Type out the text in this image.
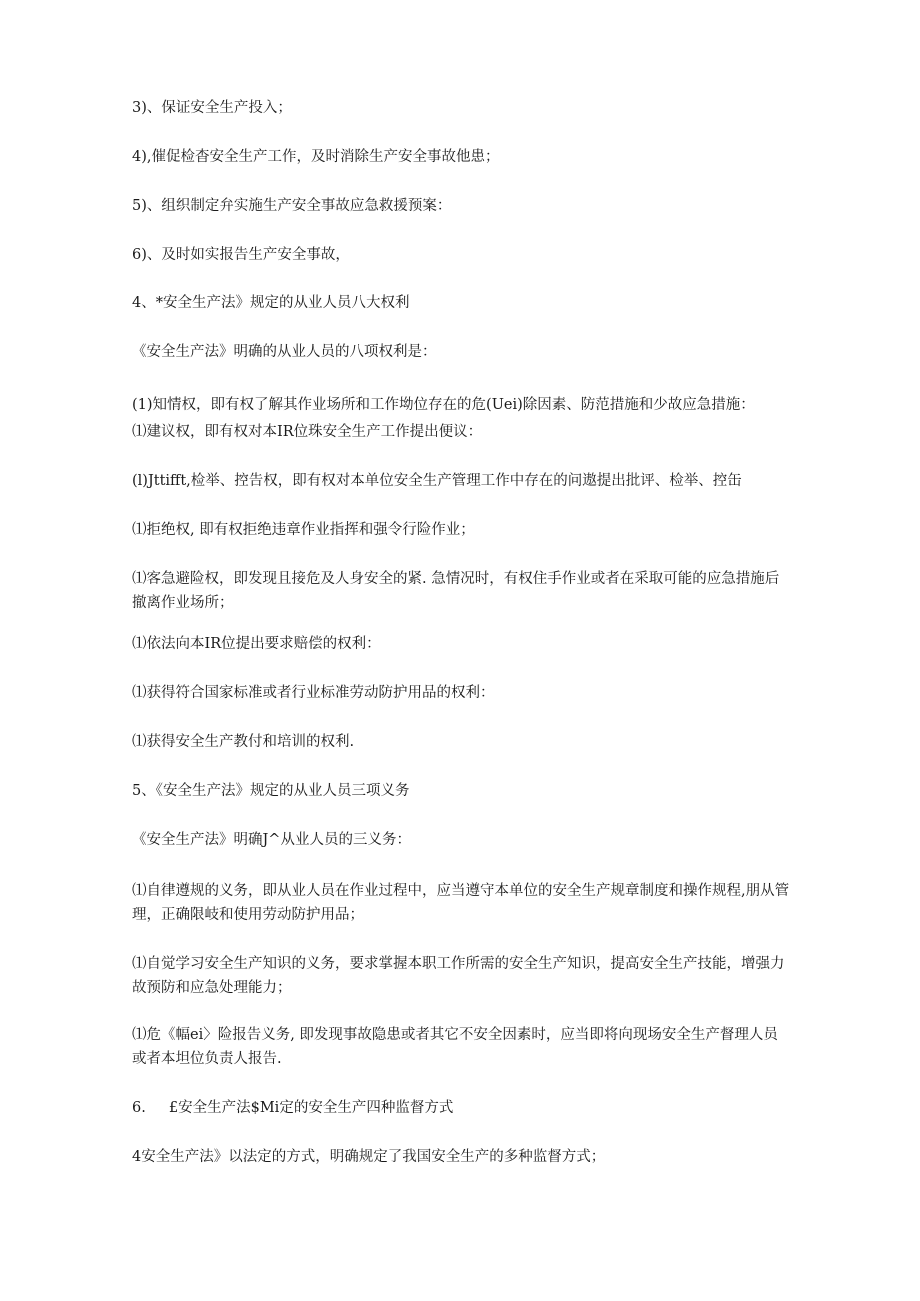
3)、保证安全生产投入；
4),催促检杳安全生产工作，及时消除生产安全事故他患；
5)、组织制定弁实施生产安全事故应急救援预案：
6)、及时如实报告生产安全事故，
4、*安全生产法》规定的从业人员八大权利
《安全生产法》明确的从业人员的八项权利是：
(1)知情权，即有权了解其作业场所和工作坳位存在的危(Uei)除因素、防范措施和少故应急措施：
⑴建议权，即有权对本IR位珠安全生产工作提出便议：
(l)Jttifft,检举、控告权，即有权对本单位安全生产管理工作中存在的问遨提出批评、检举、控缶
⑴拒绝权, 即有权拒绝违章作业指挥和强令行险作业；
⑴客急避险权，即发现且接危及人身安全的紧. 急情况时，有权住手作业或者在采取可能的应急措施后撤离作业场所；
⑴依法向本IR位提出要求赔偿的权利：
⑴获得符合国家标准或者行业标准劳动防护用品的权利：
⑴获得安全生产教付和培训的权利.
5、《安全生产法》规定的从业人员三项义务
《安全生产法》明确J^从业人员的三义务：
⑴自律遵规的义务，即从业人员在作业过程中，应当遵守本单位的安全生产规章制度和操作规程,朋从管理，正确限岐和使用劳动防护用品；
⑴自觉学习安全生产知识的义务，要求掌握本职工作所需的安全生产知识，提高安全生产技能，增强力故预防和应急处理能力；
⑴危《幅ei〉险报告义务, 即发现事故隐患或者其它不安全因素时，应当即将向现场安全生产督理人员或者本坦位负责人报告.
6.     £安全生产法$Mi定的安全生产四种监督方式
4安全生产法》以法定的方式，明确规定了我国安全生产的多种监督方式；
